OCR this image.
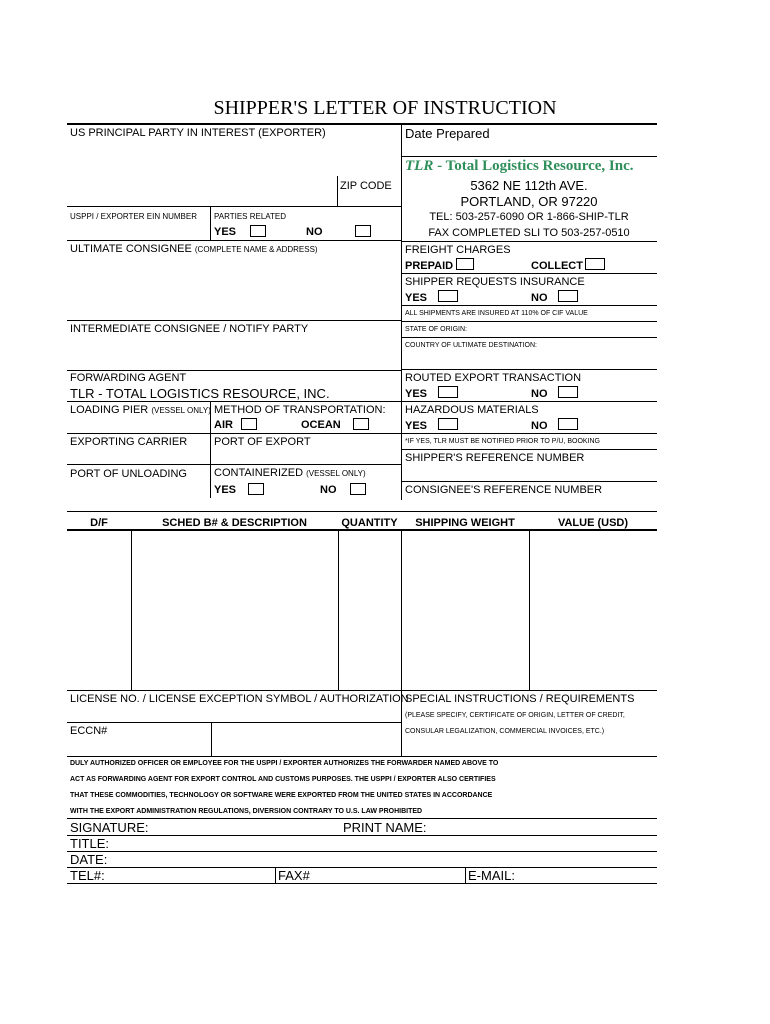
SHIPPER'S LETTER OF INSTRUCTION
US PRINCIPAL PARTY IN INTEREST (EXPORTER)
ZIP CODE
USPPI / EXPORTER EIN NUMBER PARTIES RELATED
YES	NO
ULTIMATE CONSIGNEE (COMPLETE NAME & ADDRESS)
INTERMEDIATE CONSIGNEE / NOTIFY PARTY
FORWARDING AGENT
TLR - TOTAL LOGISTICS RESOURCE, INC.
LOADING PIER (VESSEL ONLY) METHOD OF TRANSPORTATION:
AIR	OCEAN
EXPORTING CARRIER PORT OF EXPORT
PORT OF UNLOADING CONTAINERIZED (VESSEL ONLY)
YES	NO
Date Prepared
TLR - Total Logistics Resource, Inc.
5362 NE 112th AVE.
PORTLAND, OR 97220
TEL: 503-257-6090 OR 1-866-SHIP-TLR
FAX COMPLETED SLI TO 503-257-0510
FREIGHT CHARGES
PREPAID	COLLECT
SHIPPER REQUESTS INSURANCE
YES	NO
ALL SHIPMENTS ARE INSURED AT 110% OF CIF VALUE
STATE OF ORIGIN:
COUNTRY OF ULTIMATE DESTINATION:
ROUTED EXPORT TRANSACTION
YES	NO
HAZARDOUS MATERIALS
YES	NO
*IF YES, TLR MUST BE NOTIFIED PRIOR TO P/U, BOOKING
SHIPPER'S REFERENCE NUMBER
CONSIGNEE'S REFERENCE NUMBER
D/F	SCHED B# & DESCRIPTION	QUANTITY	SHIPPING WEIGHT	VALUE (USD)
LICENSE NO. / LICENSE EXCEPTION SYMBOL / AUTHORIZATION
ECCN#
SPECIAL INSTRUCTIONS / REQUIREMENTS
(PLEASE SPECIFY, CERTIFICATE OF ORIGIN, LETTER OF CREDIT,
CONSULAR LEGALIZATION, COMMERCIAL INVOICES, ETC.)
DULY AUTHORIZED OFFICER OR EMPLOYEE FOR THE USPPI / EXPORTER AUTHORIZES THE FORWARDER NAMED ABOVE TO
ACT AS FORWARDING AGENT FOR EXPORT CONTROL AND CUSTOMS PURPOSES. THE USPPI / EXPORTER ALSO CERTIFIES
THAT THESE COMMODITIES, TECHNOLOGY OR SOFTWARE WERE EXPORTED FROM THE UNITED STATES IN ACCORDANCE
WITH THE EXPORT ADMINISTRATION REGULATIONS, DIVERSION CONTRARY TO U.S. LAW PROHIBITED
SIGNATURE:	PRINT NAME:
TITLE:
DATE:
TEL#:	FAX#	E-MAIL:
